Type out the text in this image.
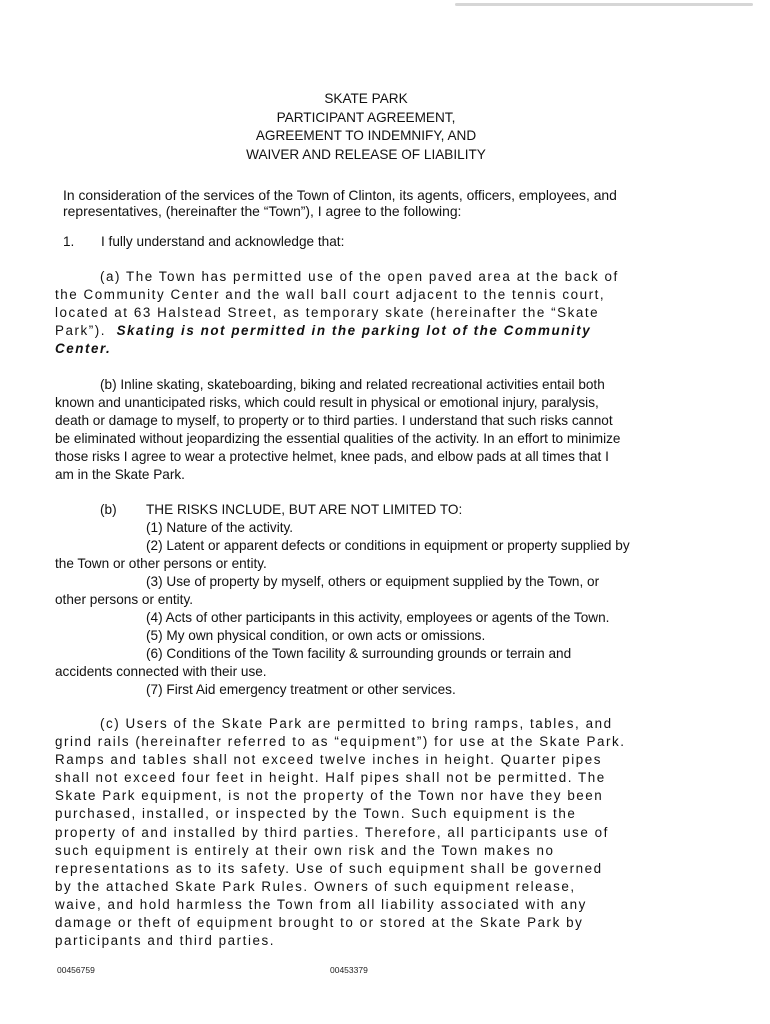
SKATE PARK
PARTICIPANT AGREEMENT,
AGREEMENT TO INDEMNIFY, AND
WAIVER AND RELEASE OF LIABILITY
In consideration of the services of the Town of Clinton, its agents, officers, employees, and
representatives, (hereinafter the “Town”), I agree to the following:
1. I fully understand and acknowledge that:
(a) The Town has permitted use of the open paved area at the back of
the Community Center and the wall ball court adjacent to the tennis court,
located at 63 Halstead Street, as temporary skate (hereinafter the “Skate
Park”).  Skating is not permitted in the parking lot of the Community
Center.
(b) Inline skating, skateboarding, biking and related recreational activities entail both
known and unanticipated risks, which could result in physical or emotional injury, paralysis,
death or damage to myself, to property or to third parties. I understand that such risks cannot
be eliminated without jeopardizing the essential qualities of the activity. In an effort to minimize
those risks I agree to wear a protective helmet, knee pads, and elbow pads at all times that I
am in the Skate Park.
(b) THE RISKS INCLUDE, BUT ARE NOT LIMITED TO:
(1) Nature of the activity.
(2) Latent or apparent defects or conditions in equipment or property supplied by
the Town or other persons or entity.
(3) Use of property by myself, others or equipment supplied by the Town, or
other persons or entity.
(4) Acts of other participants in this activity, employees or agents of the Town.
(5) My own physical condition, or own acts or omissions.
(6) Conditions of the Town facility & surrounding grounds or terrain and
accidents connected with their use.
(7) First Aid emergency treatment or other services.
(c) Users of the Skate Park are permitted to bring ramps, tables, and
grind rails (hereinafter referred to as “equipment”) for use at the Skate Park.
Ramps and tables shall not exceed twelve inches in height. Quarter pipes
shall not exceed four feet in height. Half pipes shall not be permitted. The
Skate Park equipment, is not the property of the Town nor have they been
purchased, installed, or inspected by the Town. Such equipment is the
property of and installed by third parties. Therefore, all participants use of
such equipment is entirely at their own risk and the Town makes no
representations as to its safety. Use of such equipment shall be governed
by the attached Skate Park Rules. Owners of such equipment release,
waive, and hold harmless the Town from all liability associated with any
damage or theft of equipment brought to or stored at the Skate Park by
participants and third parties.
00456759	00453379
